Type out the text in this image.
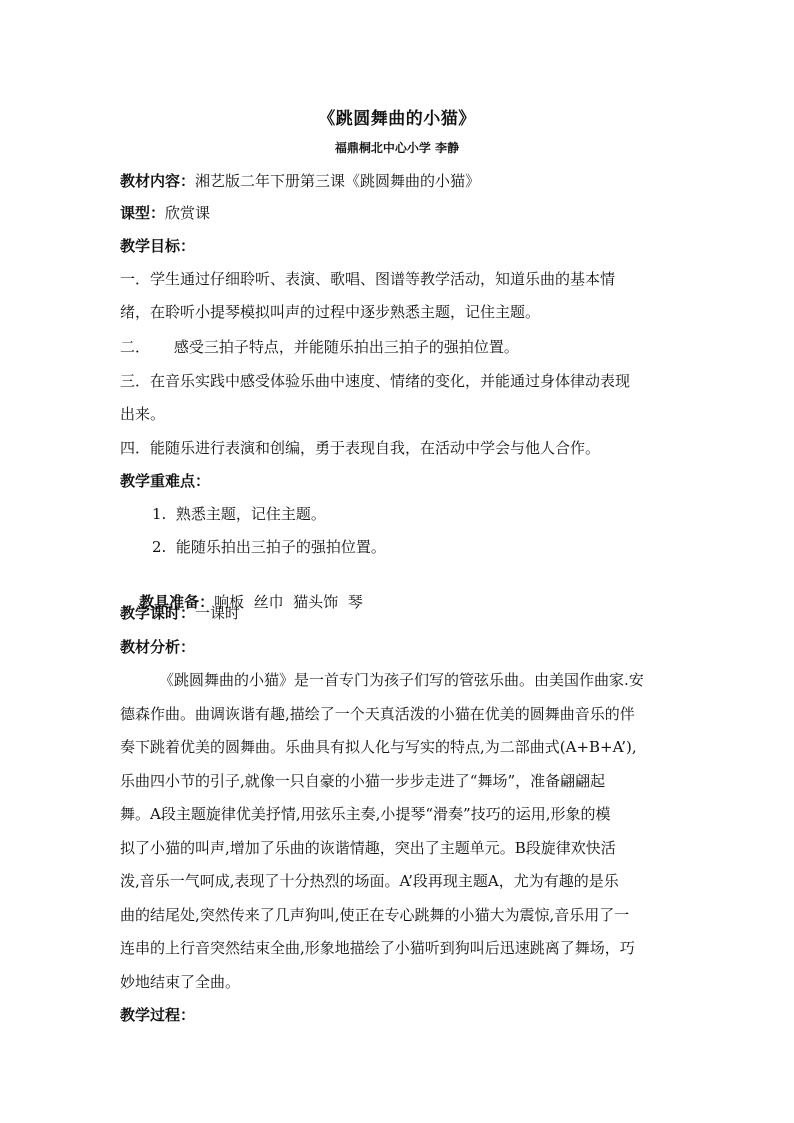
《跳圆舞曲的小猫》
福鼎桐北中心小学 李静
教材内容：湘艺版二年下册第三课《跳圆舞曲的小猫》
课型：欣赏课
教学目标：
一．学生通过仔细聆听、表演、歌唱、图谱等教学活动，知道乐曲的基本情
绪，在聆听小提琴模拟叫声的过程中逐步熟悉主题，记住主题。
二．     感受三拍子特点，并能随乐拍出三拍子的强拍位置。
三．在音乐实践中感受体验乐曲中速度、情绪的变化，并能通过身体律动表现
出来。
四．能随乐进行表演和创编，勇于表现自我，在活动中学会与他人合作。
教学重难点：
1.  熟悉主题，记住主题。
2.  能随乐拍出三拍子的强拍位置。

教具准备：响板  丝巾  猫头饰  琴

教学课时：一课时
教材分析：
《跳圆舞曲的小猫》是一首专门为孩子们写的管弦乐曲。由美国作曲家.安
德森作曲。曲调诙谐有趣,描绘了一个天真活泼的小猫在优美的圆舞曲音乐的伴
奏下跳着优美的圆舞曲。乐曲具有拟人化与写实的特点,为二部曲式(A+B+A’),
乐曲四小节的引子,就像一只自豪的小猫一步步走进了“舞场”，准备翩翩起
舞。A段主题旋律优美抒情,用弦乐主奏,小提琴“滑奏”技巧的运用,形象的模
拟了小猫的叫声,增加了乐曲的诙谐情趣，突出了主题单元。B段旋律欢快活
泼,音乐一气呵成,表现了十分热烈的场面。A’段再现主题A，尤为有趣的是乐
曲的结尾处,突然传来了几声狗叫,使正在专心跳舞的小猫大为震惊,音乐用了一
连串的上行音突然结束全曲,形象地描绘了小猫听到狗叫后迅速跳离了舞场，巧
妙地结束了全曲。
教学过程：
